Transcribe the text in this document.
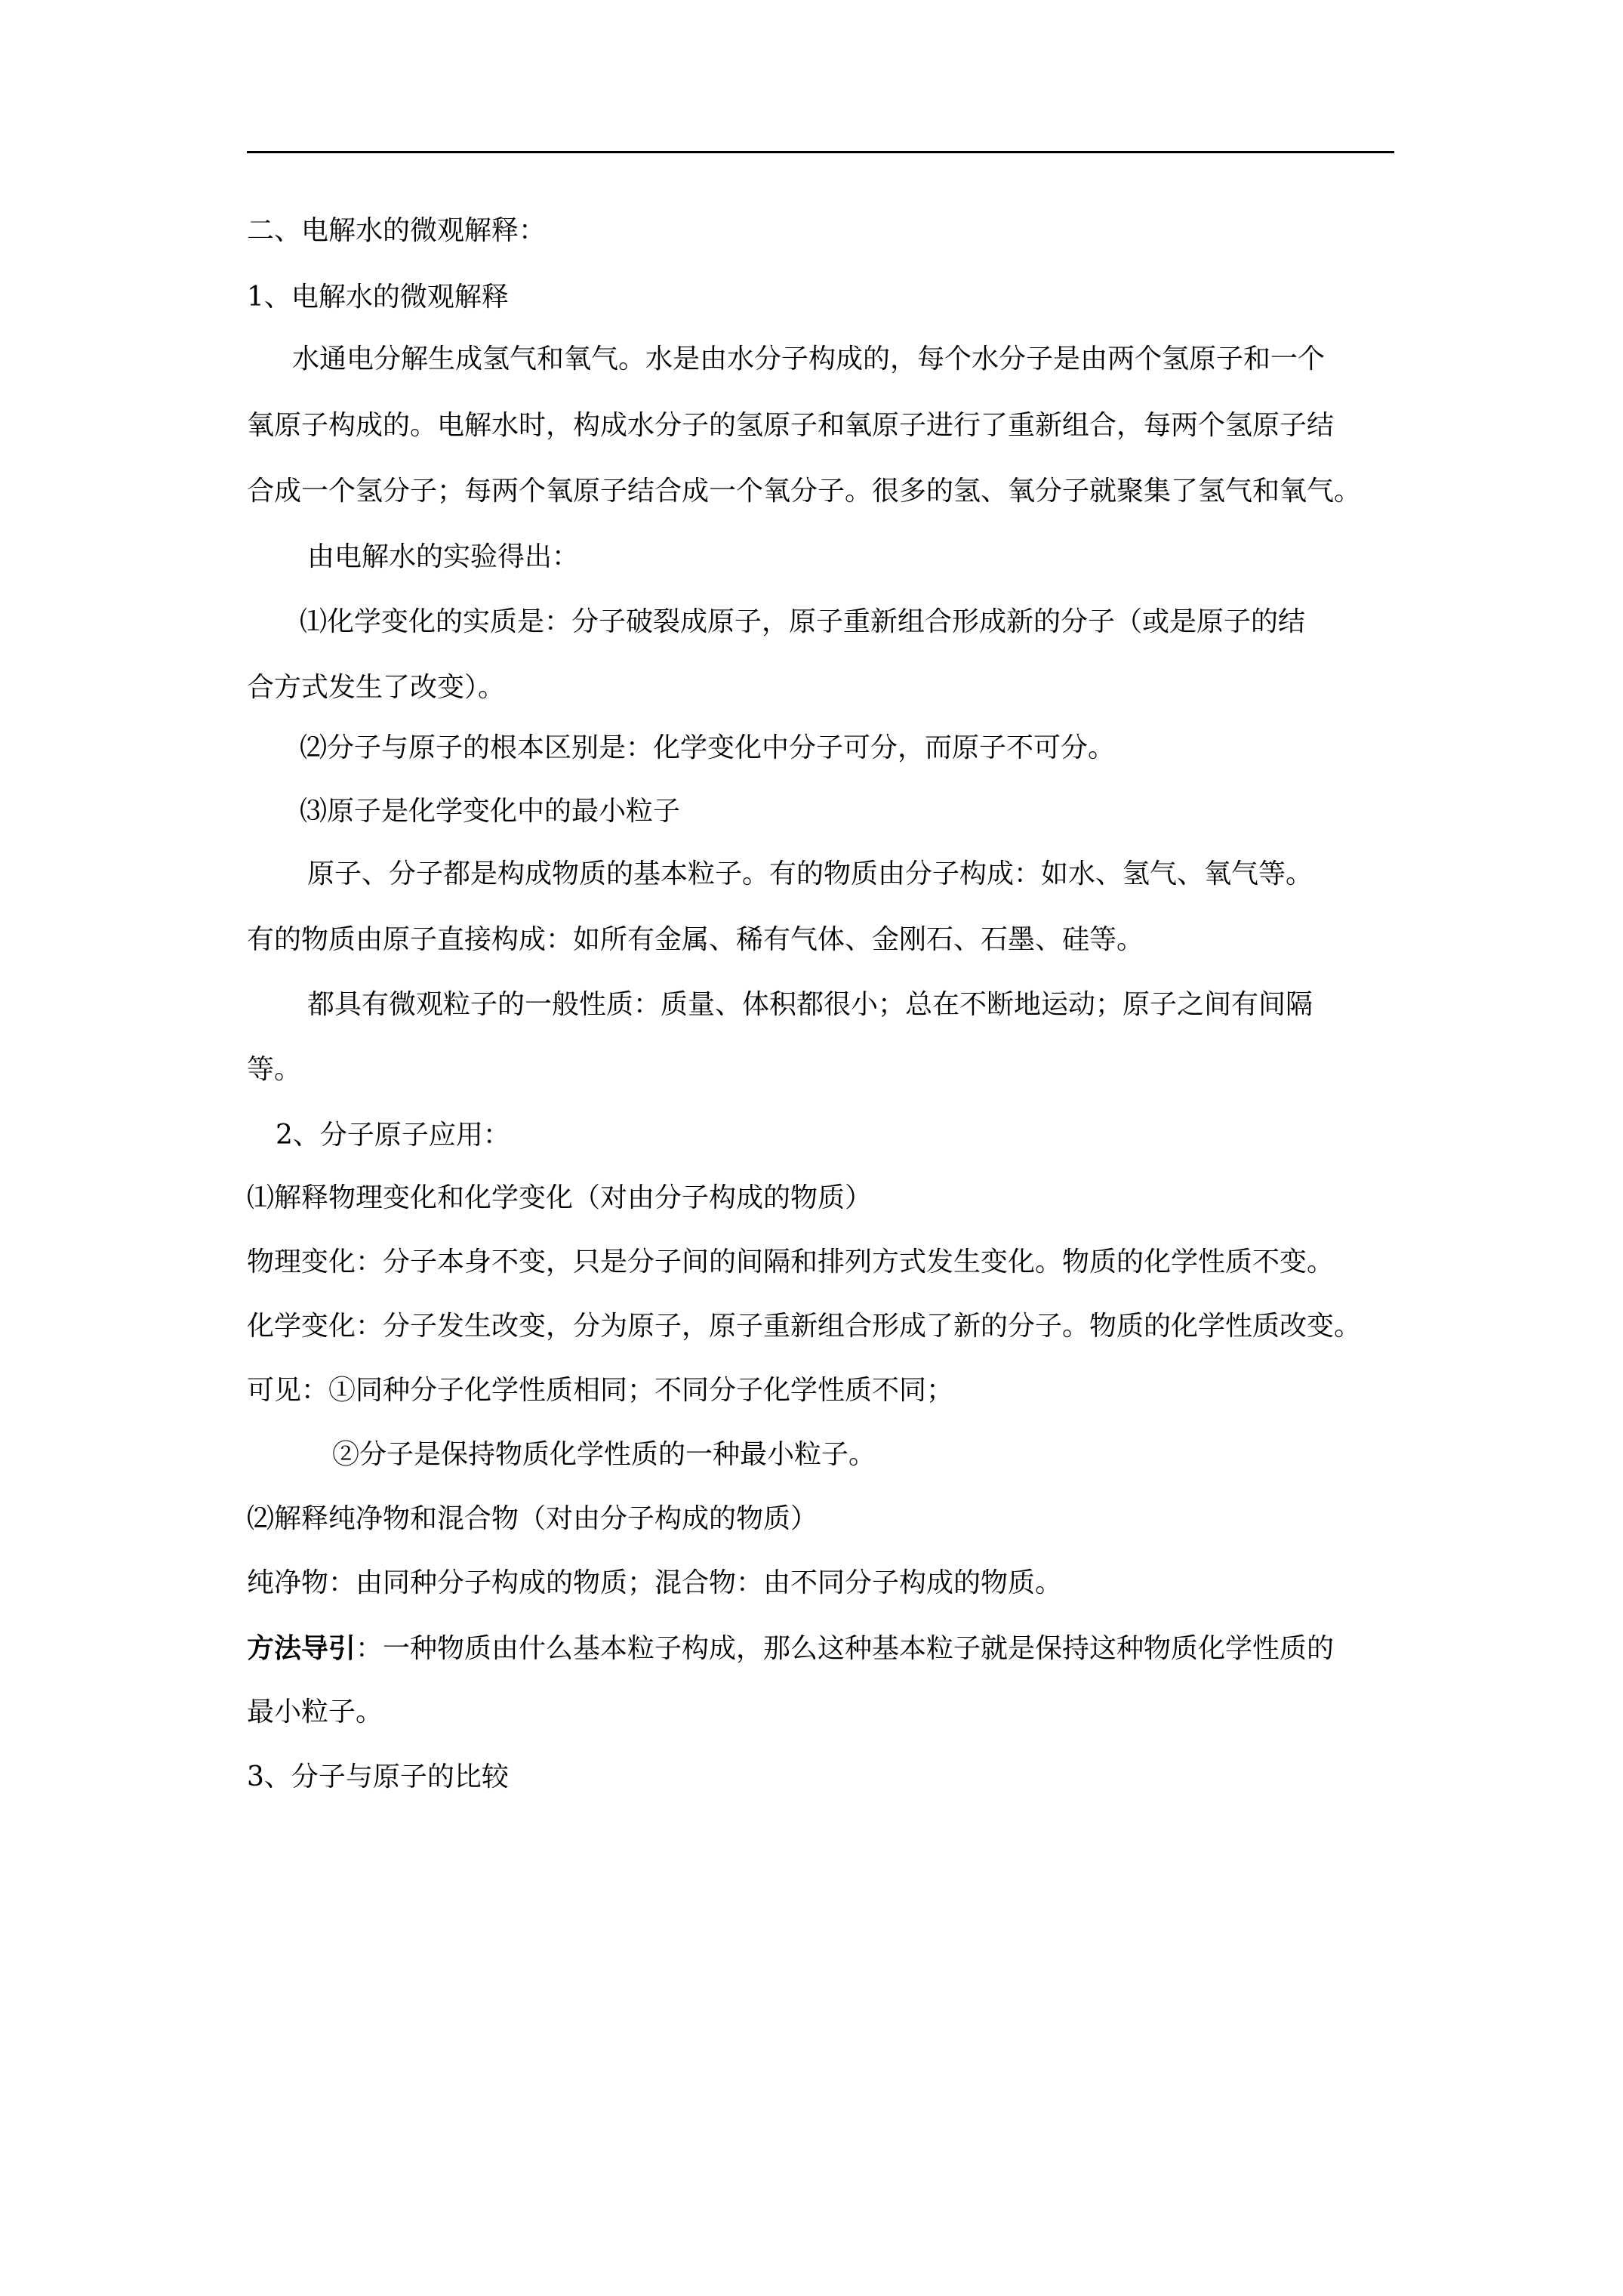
二、电解水的微观解释：
1、电解水的微观解释
水通电分解生成氢气和氧气。水是由水分子构成的，每个水分子是由两个氢原子和一个
氧原子构成的。电解水时，构成水分子的氢原子和氧原子进行了重新组合，每两个氢原子结
合成一个氢分子；每两个氧原子结合成一个氧分子。很多的氢、氧分子就聚集了氢气和氧气。
由电解水的实验得出：
⑴化学变化的实质是：分子破裂成原子，原子重新组合形成新的分子（或是原子的结
合方式发生了改变）。
⑵分子与原子的根本区别是：化学变化中分子可分，而原子不可分。
⑶原子是化学变化中的最小粒子
原子、分子都是构成物质的基本粒子。有的物质由分子构成：如水、氢气、氧气等。
有的物质由原子直接构成：如所有金属、稀有气体、金刚石、石墨、硅等。
都具有微观粒子的一般性质：质量、体积都很小；总在不断地运动；原子之间有间隔
等。
2、分子原子应用：
⑴解释物理变化和化学变化（对由分子构成的物质）
物理变化：分子本身不变，只是分子间的间隔和排列方式发生变化。物质的化学性质不变。
化学变化：分子发生改变，分为原子，原子重新组合形成了新的分子。物质的化学性质改变。
可见：①同种分子化学性质相同；不同分子化学性质不同；
②分子是保持物质化学性质的一种最小粒子。
⑵解释纯净物和混合物（对由分子构成的物质）
纯净物：由同种分子构成的物质；混合物：由不同分子构成的物质。
方法导引：一种物质由什么基本粒子构成，那么这种基本粒子就是保持这种物质化学性质的
最小粒子。
3、分子与原子的比较
